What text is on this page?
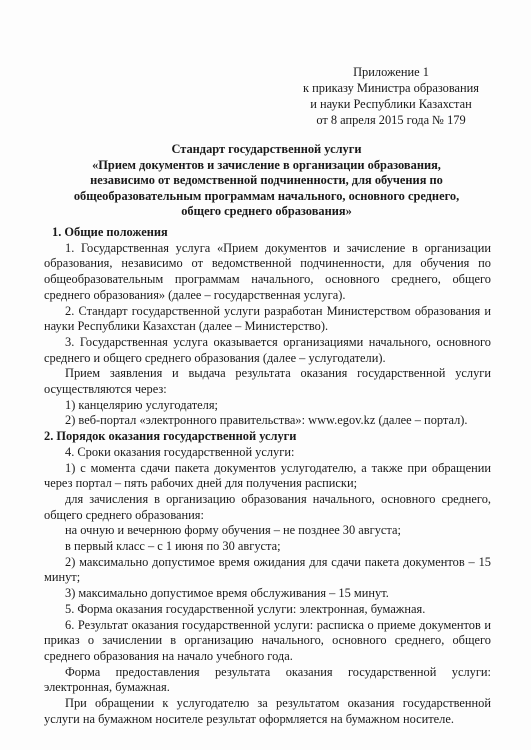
Приложение 1
к приказу Министра образования
и науки Республики Казахстан
от 8 апреля 2015 года № 179
Стандарт государственной услуги
«Прием документов и зачисление в организации образования,
независимо от ведомственной подчиненности, для обучения по
общеобразовательным программам начального, основного среднего,
общего среднего образования»

1. Общие положения

1. Государственная услуга «Прием документов и зачисление в организации образования, независимо от ведомственной подчиненности, для обучения по общеобразовательным программам начального, основного среднего, общего среднего образования» (далее – государственная услуга).

2. Стандарт государственной услуги разработан Министерством образования и науки Республики Казахстан (далее – Министерство).

3. Государственная услуга оказывается организациями начального, основного среднего и общего среднего образования (далее – услугодатели).

Прием заявления и выдача результата оказания государственной услуги осуществляются через:

1) канцелярию услугодателя;

2) веб-портал «электронного правительства»: www.egov.kz (далее – портал).

2. Порядок оказания государственной услуги

4. Сроки оказания государственной услуги:

1) с момента сдачи пакета документов услугодателю, а также при обращении через портал – пять рабочих дней для получения расписки;

для зачисления в организацию образования начального, основного среднего, общего среднего образования:

на очную и вечернюю форму обучения – не позднее 30 августа;

в первый класс – с 1 июня по 30 августа;

2) максимально допустимое время ожидания для сдачи пакета документов – 15 минут;

3) максимально допустимое время обслуживания – 15 минут.

5. Форма оказания государственной услуги: электронная, бумажная.

6. Результат оказания государственной услуги: расписка о приеме документов и приказ о зачислении в организацию начального, основного среднего, общего среднего образования на начало учебного года.

Форма предоставления результата оказания государственной услуги: электронная, бумажная.

При обращении к услугодателю за результатом оказания государственной услуги на бумажном носителе результат оформляется на бумажном носителе.
